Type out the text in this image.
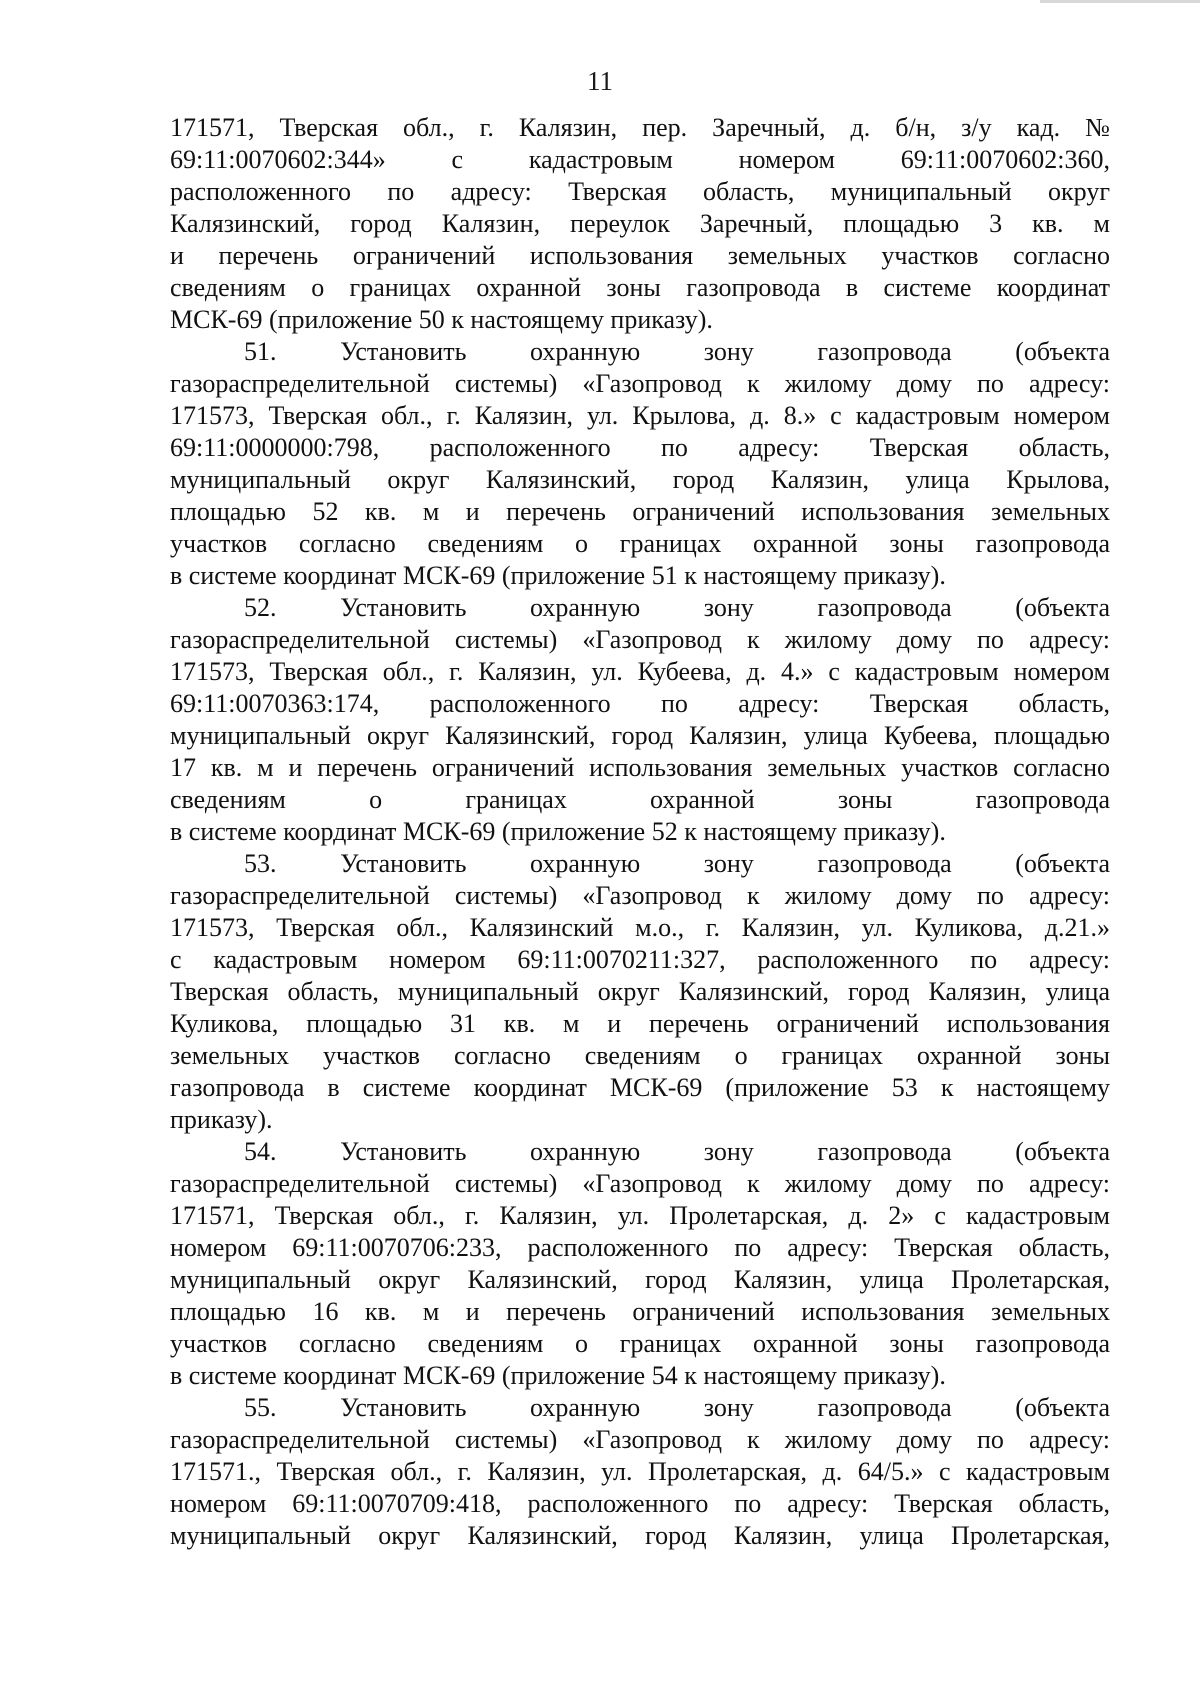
11
171571, Тверская обл., г. Калязин, пер. Заречный, д. б/н, з/у кад. №
69:11:0070602:344» с кадастровым номером 69:11:0070602:360,
расположенного по адресу: Тверская область, муниципальный округ
Калязинский, город Калязин, переулок Заречный, площадью 3 кв. м
и перечень ограничений использования земельных участков согласно
сведениям о границах охранной зоны газопровода в системе координат
МСК-69 (приложение 50 к настоящему приказу).
51. Установить охранную зону газопровода (объекта
газораспределительной системы) «Газопровод к жилому дому по адресу:
171573, Тверская обл., г. Калязин, ул. Крылова, д. 8.» с кадастровым номером
69:11:0000000:798, расположенного по адресу: Тверская область,
муниципальный округ Калязинский, город Калязин, улица Крылова,
площадью 52 кв. м и перечень ограничений использования земельных
участков согласно сведениям о границах охранной зоны газопровода
в системе координат МСК-69 (приложение 51 к настоящему приказу).
52. Установить охранную зону газопровода (объекта
газораспределительной системы) «Газопровод к жилому дому по адресу:
171573, Тверская обл., г. Калязин, ул. Кубеева, д. 4.» с кадастровым номером
69:11:0070363:174, расположенного по адресу: Тверская область,
муниципальный округ Калязинский, город Калязин, улица Кубеева, площадью
17 кв. м и перечень ограничений использования земельных участков согласно
сведениям о границах охранной зоны газопровода
в системе координат МСК-69 (приложение 52 к настоящему приказу).
53. Установить охранную зону газопровода (объекта
газораспределительной системы) «Газопровод к жилому дому по адресу:
171573, Тверская обл., Калязинский м.о., г. Калязин, ул. Куликова, д.21.»
с кадастровым номером 69:11:0070211:327, расположенного по адресу:
Тверская область, муниципальный округ Калязинский, город Калязин, улица
Куликова, площадью 31 кв. м и перечень ограничений использования
земельных участков согласно сведениям о границах охранной зоны
газопровода в системе координат МСК-69 (приложение 53 к настоящему
приказу).
54. Установить охранную зону газопровода (объекта
газораспределительной системы) «Газопровод к жилому дому по адресу:
171571, Тверская обл., г. Калязин, ул. Пролетарская, д. 2» с кадастровым
номером 69:11:0070706:233, расположенного по адресу: Тверская область,
муниципальный округ Калязинский, город Калязин, улица Пролетарская,
площадью 16 кв. м и перечень ограничений использования земельных
участков согласно сведениям о границах охранной зоны газопровода
в системе координат МСК-69 (приложение 54 к настоящему приказу).
55. Установить охранную зону газопровода (объекта
газораспределительной системы) «Газопровод к жилому дому по адресу:
171571., Тверская обл., г. Калязин, ул. Пролетарская, д. 64/5.» с кадастровым
номером 69:11:0070709:418, расположенного по адресу: Тверская область,
муниципальный округ Калязинский, город Калязин, улица Пролетарская,
